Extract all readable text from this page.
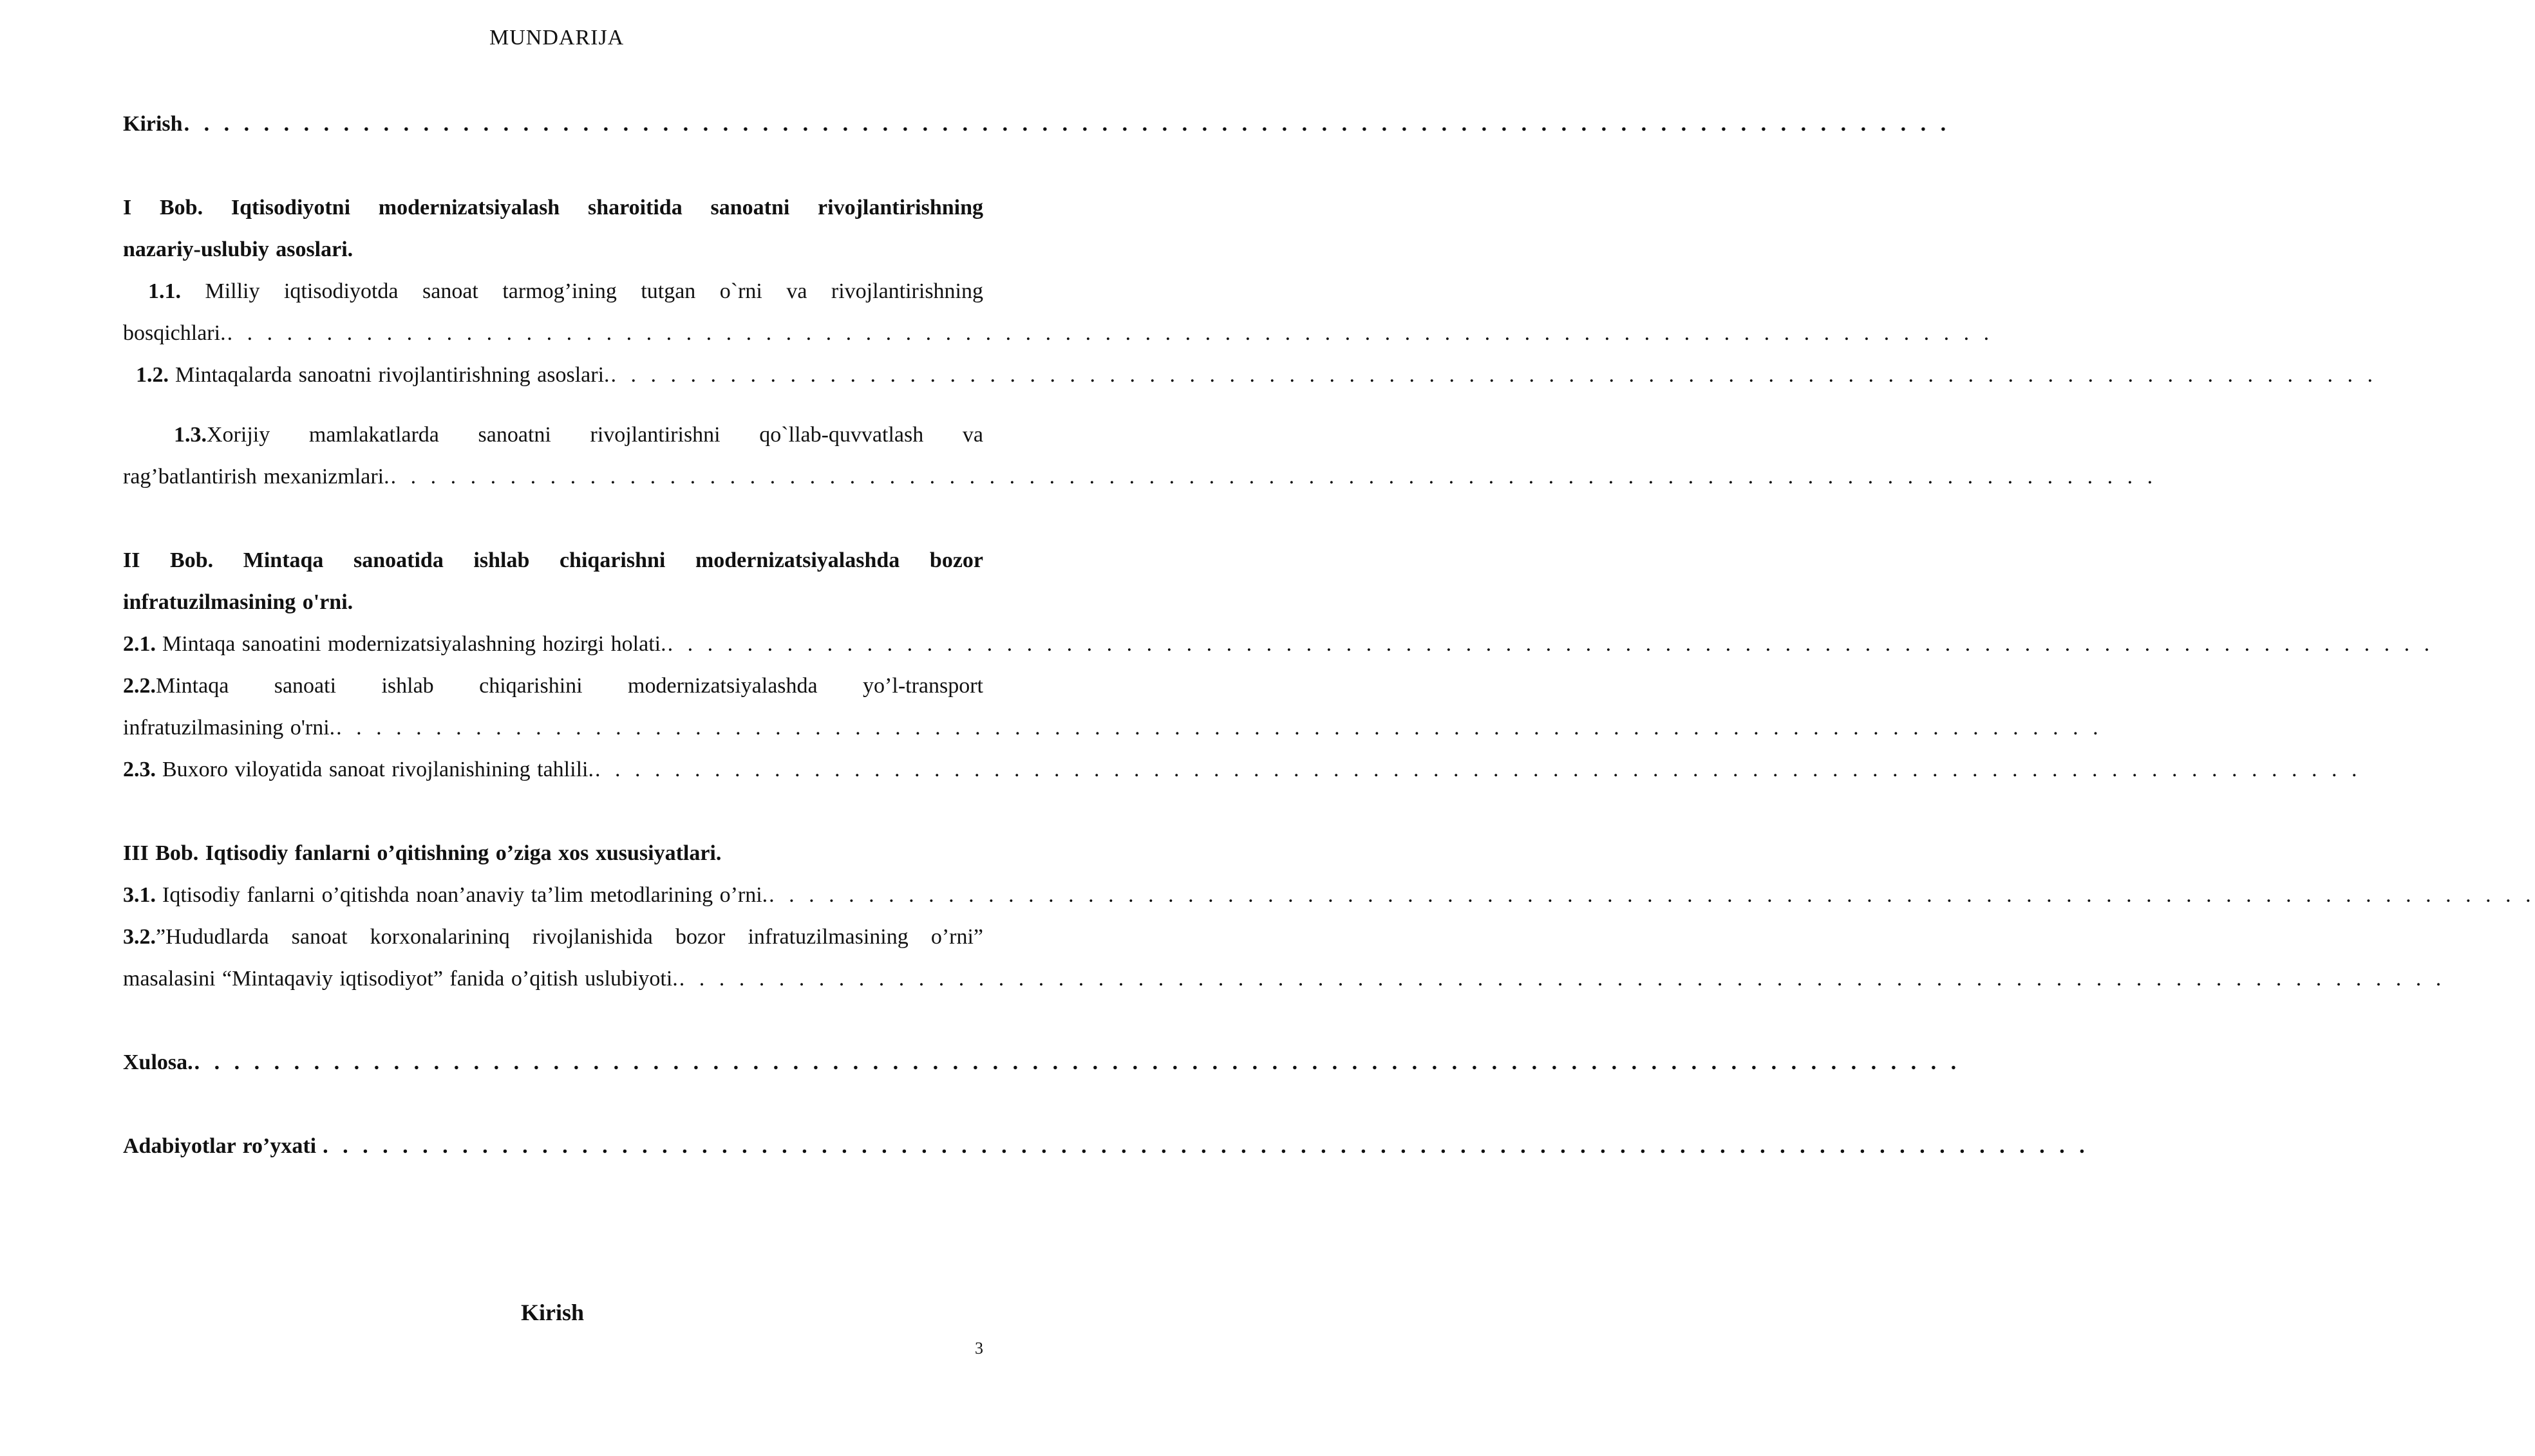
MUNDARIJA
Kirish . . . . . . . . . . . . . . . . . . . . . . . . . . . . . . . . . . . . . . . . . . . . . . . . . . . . . . . . . . . . . . . . . . . . . . . . . . . . . . . . . . . . . . . . .
I Bob. Iqtisodiyotni modernizatsiyalash sharoitida sanoatni rivojlantirishning
nazariy-uslubiy asoslari.
1.1. Milliy iqtisodiyotda sanoat tarmog’ining tutgan o`rni va rivojlantirishning
bosqichlari. . . . . . . . . . . . . . . . . . . . . . . . . . . . . . . . . . . . . . . . . . . . . . . . . . . . . . . . . . . . . . . . . . . . . . . . . . . . . . . . . . . . . . . . . .
1.2. Mintaqalarda sanoatni rivojlantirishning asoslari. . . . . . . . . . . . . . . . . . . . . . . . . . . . . . . . . . . . . . . . . . . . . . . . . . . . . . . . . . . . . . . . . . . . . . . . . . . . . . . . . . . . . . . . . .
1.3.Xorijiy mamlakatlarda sanoatni rivojlantirishni qo`llab-quvvatlash va
rag’batlantirish mexanizmlari. . . . . . . . . . . . . . . . . . . . . . . . . . . . . . . . . . . . . . . . . . . . . . . . . . . . . . . . . . . . . . . . . . . . . . . . . . . . . . . . . . . . . . . . . .
II Bob. Mintaqa sanoatida ishlab chiqarishni modernizatsiyalashda bozor
infratuzilmasining o'rni.
2.1. Mintaqa sanoatini modernizatsiyalashning hozirgi holati. . . . . . . . . . . . . . . . . . . . . . . . . . . . . . . . . . . . . . . . . . . . . . . . . . . . . . . . . . . . . . . . . . . . . . . . . . . . . . . . . . . . . . . . . .
2.2.Mintaqa sanoati ishlab chiqarishini modernizatsiyalashda yo’l-transport
infratuzilmasining o'rni. . . . . . . . . . . . . . . . . . . . . . . . . . . . . . . . . . . . . . . . . . . . . . . . . . . . . . . . . . . . . . . . . . . . . . . . . . . . . . . . . . . . . . . . . .
2.3. Buxoro viloyatida sanoat rivojlanishining tahlili. . . . . . . . . . . . . . . . . . . . . . . . . . . . . . . . . . . . . . . . . . . . . . . . . . . . . . . . . . . . . . . . . . . . . . . . . . . . . . . . . . . . . . . . . .
III Bob. Iqtisodiy fanlarni o’qitishning o’ziga xos xususiyatlari.
3.1. Iqtisodiy fanlarni o’qitishda noan’anaviy ta’lim metodlarining o’rni. . . . . . . . . . . . . . . . . . . . . . . . . . . . . . . . . . . . . . . . . . . . . . . . . . . . . . . . . . . . . . . . . . . . . . . . . . . . . . . . . . . . . . . . . .
3.2.”Hududlarda sanoat korxonalarininq rivojlanishida bozor infratuzilmasining o’rni”
masalasini “Mintaqaviy iqtisodiyot” fanida o’qitish uslubiyoti. . . . . . . . . . . . . . . . . . . . . . . . . . . . . . . . . . . . . . . . . . . . . . . . . . . . . . . . . . . . . . . . . . . . . . . . . . . . . . . . . . . . . . . . . .
Xulosa. . . . . . . . . . . . . . . . . . . . . . . . . . . . . . . . . . . . . . . . . . . . . . . . . . . . . . . . . . . . . . . . . . . . . . . . . . . . . . . . . . . . . . . . . .
Adabiyotlar ro’yxati . . . . . . . . . . . . . . . . . . . . . . . . . . . . . . . . . . . . . . . . . . . . . . . . . . . . . . . . . . . . . . . . . . . . . . . . . . . . . . . . . . . . . . . . .
Kirish
3
